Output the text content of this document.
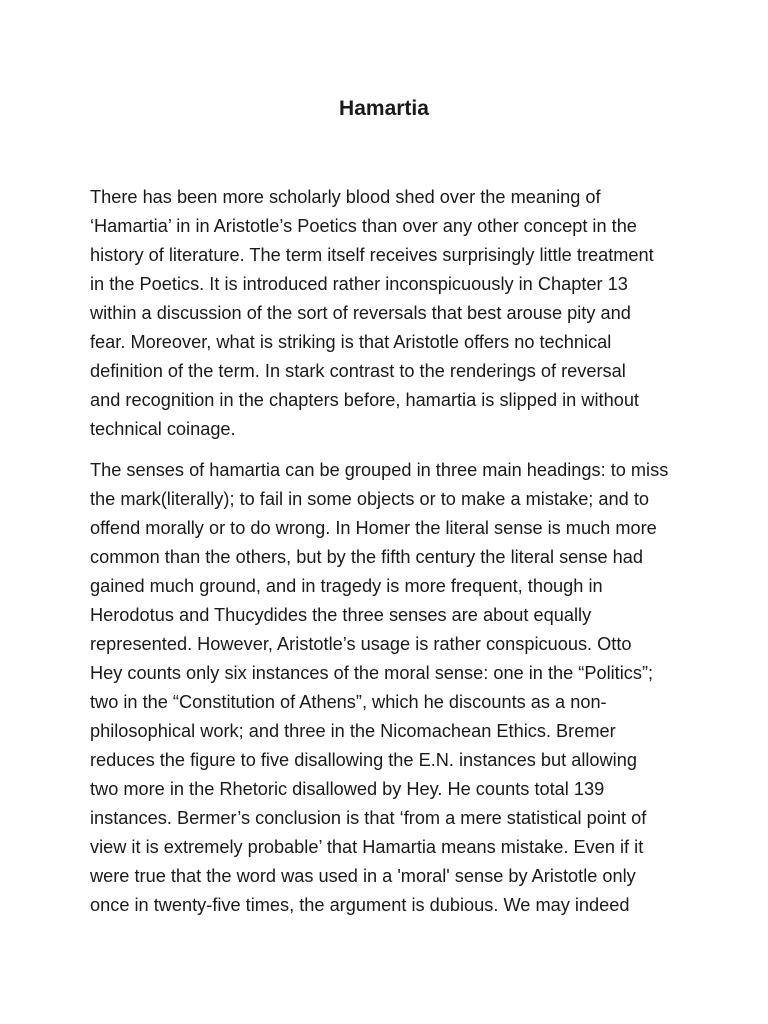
Hamartia

There has been more scholarly blood shed over the meaning of
‘Hamartia’ in in Aristotle’s Poetics than over any other concept in the
history of literature. The term itself receives surprisingly little treatment
in the Poetics. It is introduced rather inconspicuously in Chapter 13
within a discussion of the sort of reversals that best arouse pity and
fear. Moreover, what is striking is that Aristotle offers no technical
definition of the term. In stark contrast to the renderings of reversal
and recognition in the chapters before, hamartia is slipped in without
technical coinage.

The senses of hamartia can be grouped in three main headings: to miss
the mark(literally); to fail in some objects or to make a mistake; and to
offend morally or to do wrong. In Homer the literal sense is much more
common than the others, but by the fifth century the literal sense had
gained much ground, and in tragedy is more frequent, though in
Herodotus and Thucydides the three senses are about equally
represented. However, Aristotle’s usage is rather conspicuous. Otto
Hey counts only six instances of the moral sense: one in the “Politics”;
two in the “Constitution of Athens”, which he discounts as a non-
philosophical work; and three in the Nicomachean Ethics. Bremer
reduces the figure to five disallowing the E.N. instances but allowing
two more in the Rhetoric disallowed by Hey. He counts total 139
instances. Bermer’s conclusion is that ‘from a mere statistical point of
view it is extremely probable’ that Hamartia means mistake. Even if it
were true that the word was used in a 'moral' sense by Aristotle only
once in twenty-five times, the argument is dubious. We may indeed
